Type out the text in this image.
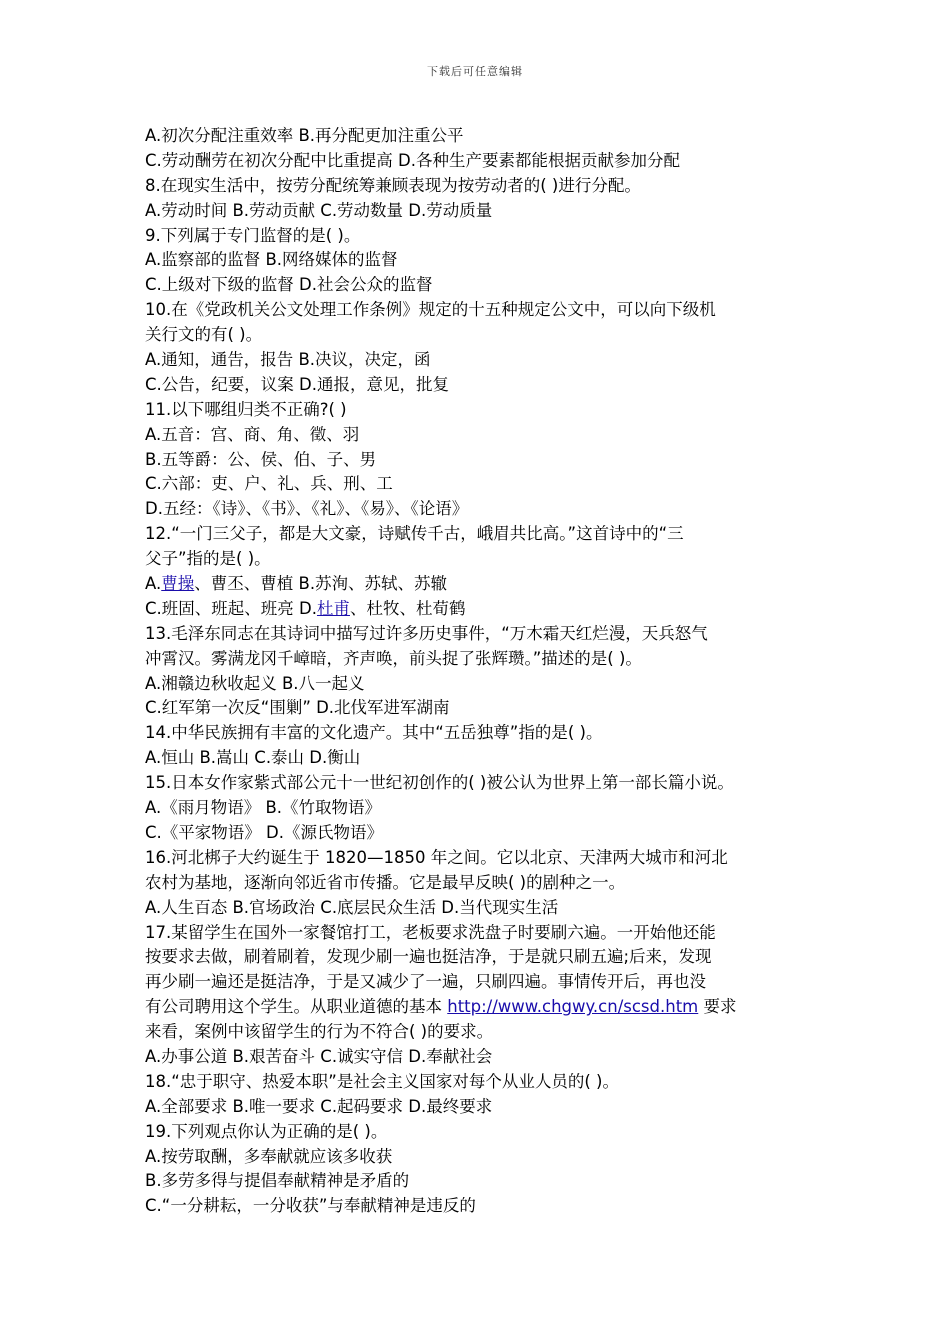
下载后可任意编辑
A.初次分配注重效率 B.再分配更加注重公平
C.劳动酬劳在初次分配中比重提高 D.各种生产要素都能根据贡献参加分配
8.在现实生活中，按劳分配统筹兼顾表现为按劳动者的( )进行分配。
A.劳动时间 B.劳动贡献 C.劳动数量 D.劳动质量
9.下列属于专门监督的是( )。
A.监察部的监督 B.网络媒体的监督
C.上级对下级的监督 D.社会公众的监督
10.在《党政机关公文处理工作条例》规定的十五种规定公文中，可以向下级机
关行文的有( )。
A.通知，通告，报告 B.决议，决定，函
C.公告，纪要，议案 D.通报，意见，批复
11.以下哪组归类不正确?( )
A.五音：宫、商、角、徵、羽
B.五等爵：公、侯、伯、子、男
C.六部：吏、户、礼、兵、刑、工
D.五经：《诗》、《书》、《礼》、《易》、《论语》
12.“一门三父子，都是大文豪，诗赋传千古，峨眉共比高。”这首诗中的“三
父子”指的是( )。
A.曹操、曹丕、曹植 B.苏洵、苏轼、苏辙
C.班固、班起、班亮 D.杜甫、杜牧、杜荀鹤
13.毛泽东同志在其诗词中描写过许多历史事件，“万木霜天红烂漫，天兵怒气
冲霄汉。雾满龙冈千嶂暗，齐声唤，前头捉了张辉瓒。”描述的是( )。
A.湘赣边秋收起义 B.八一起义
C.红军第一次反“围剿” D.北伐军进军湖南
14.中华民族拥有丰富的文化遗产。其中“五岳独尊”指的是( )。
A.恒山 B.嵩山 C.泰山 D.衡山
15.日本女作家紫式部公元十一世纪初创作的( )被公认为世界上第一部长篇小说。
A.《雨月物语》 B.《竹取物语》
C.《平家物语》 D.《源氏物语》
16.河北梆子大约诞生于 1820—1850 年之间。它以北京、天津两大城市和河北
农村为基地，逐渐向邻近省市传播。它是最早反映( )的剧种之一。
A.人生百态 B.官场政治 C.底层民众生活 D.当代现实生活
17.某留学生在国外一家餐馆打工，老板要求洗盘子时要刷六遍。一开始他还能
按要求去做，刷着刷着，发现少刷一遍也挺洁净，于是就只刷五遍;后来，发现
再少刷一遍还是挺洁净，于是又减少了一遍，只刷四遍。事情传开后，再也没
有公司聘用这个学生。从职业道德的基本 http://www.chgwy.cn/scsd.htm 要求
来看，案例中该留学生的行为不符合( )的要求。
A.办事公道 B.艰苦奋斗 C.诚实守信 D.奉献社会
18.“忠于职守、热爱本职”是社会主义国家对每个从业人员的( )。
A.全部要求 B.唯一要求 C.起码要求 D.最终要求
19.下列观点你认为正确的是( )。
A.按劳取酬，多奉献就应该多收获
B.多劳多得与提倡奉献精神是矛盾的
C.“一分耕耘，一分收获”与奉献精神是违反的
